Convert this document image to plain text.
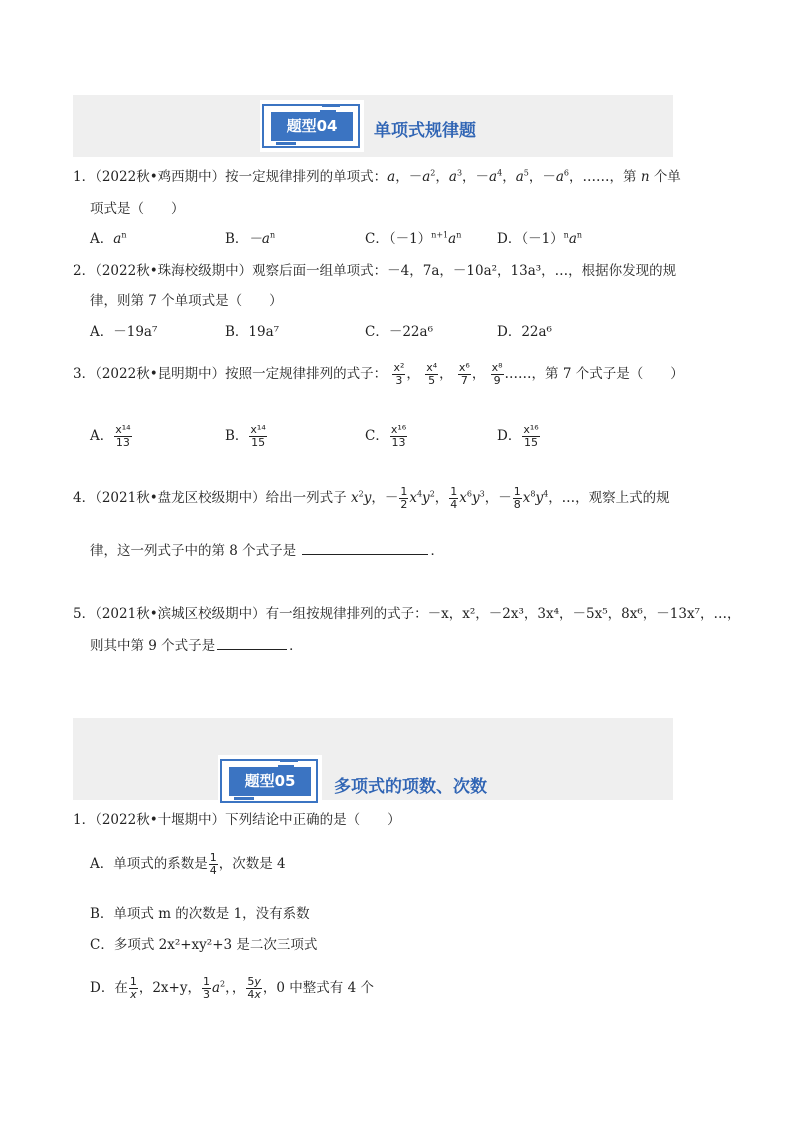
题型04	单项式规律题
1．（2022秋•鸡西期中）按一定规律排列的单项式：a，$-a^2$，$a^3$，$-a^4$，$a^5$，$-a^6$，……，第 n 个单
项式是（　　）
A．$a^n$	B．$-a^n$	C．$(-1)^{n+1}a^n$	D．$(-1)^na^n$
2．（2022秋•珠海校级期中）观察后面一组单项式：－4，7a，－10a²，13a³，…，根据你发现的规
律，则第 7 个单项式是（　　）
A．－19a⁷	B．19a⁷	C．－22a⁶	D．22a⁶
3．（2022秋•昆明期中）按照一定规律排列的式子： $\frac{\text{x²}}{3}$ ， $\frac{\text{x⁴}}{5}$ ， $\frac{\text{x⁶}}{7}$ ， $\frac{\text{x⁸}}{9}$ ……，第 7 个式子是（　　）
A． $\frac{\text{x¹⁴}}{13}$	B． $\frac{\text{x¹⁴}}{15}$	C． $\frac{\text{x¹⁶}}{13}$	D． $\frac{\text{x¹⁶}}{15}$
4．（2021秋•盘龙区校级期中）给出一列式子 $x^2y$，－ $\frac{1}{2} x^4y^2$， $\frac{1}{4} x^6y^3$，－ $\frac{1}{8} x^8y^4$，…，观察上式的规
律，这一列式子中的第 8 个式子是	．
5．（2021秋•滨城区校级期中）有一组按规律排列的式子：－x，x²，－2x³，3x⁴，－5x⁵，8x⁶，－13x⁷，…，
则其中第 9 个式子是	．
题型05	多项式的项数、次数
1．（2022秋•十堰期中）下列结论中正确的是（　　）
A．单项式的系数是 $\frac{1}{4}$ ，次数是 4
B．单项式 m 的次数是 1，没有系数
C．多项式 2x²+xy²+3 是二次三项式
D．在 $\frac{1}{x}$ ，2x+y， $\frac{1}{3} a^2$，， $\frac{5y}{4x}$ ，0 中整式有 4 个
